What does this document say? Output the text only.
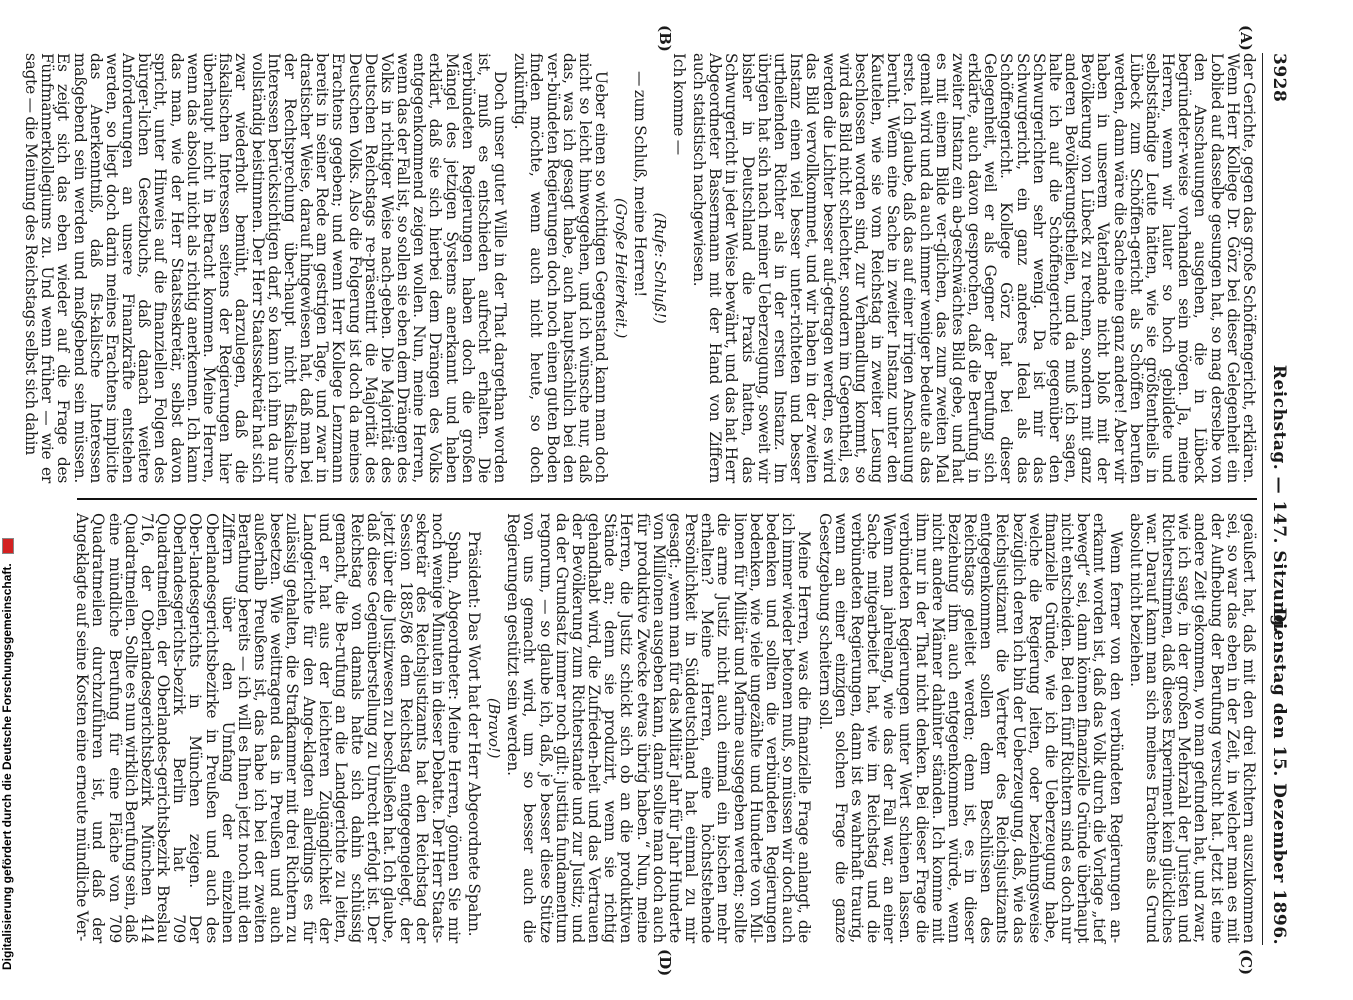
3928
Reichstag. — 147. Sitzung.
Dienstag den 15. Dezember 1896.
(A)
(B)
(C)
(D)

der Gerichte, gegen das große Schöffengericht, erklären. Wenn Herr Kollege Dr. Görz bei dieser Gelegenheit ein Loblied auf dasselbe gesungen hat, so mag derselbe von den Anschauungen ausgehen, die in Lübeck begründeter-weise vorhanden sein mögen. Ja, meine Herren, wenn wir lauter so hoch gebildete und selbstständige Leute hätten, wie sie größtentheils in Lübeck zum Schöffen-gericht als Schöffen berufen werden, dann wäre die Sache eine ganz andere! Aber wir haben in unserem Vaterlande nicht bloß mit der Bevölkerung von Lübeck zu rechnen, sondern mit ganz anderen Bevölkerungstheilen, und da muß ich sagen, halte ich auf die Schöffengerichte gegenüber den Schwurgerichten sehr wenig. Da ist mir das Schwurgericht, ein ganz anderes Ideal als das Schöffengericht. Kollege Görz hat bei dieser Gelegenheit, weil er als Gegner der Berufung sich erklärte, auch davon gesprochen, daß die Berufung in zweiter Instanz ein ab-geschwächtes Bild gebe, und hat es mit einem Bilde ver-glichen, das zum zweiten Mal gemalt wird und da auch immer weniger bedeute als das erste. Ich glaube, daß das auf einer irrigen Anschauung beruht. Wenn eine Sache in zweiter Instanz unter den Kautelen, wie sie vom Reichstag in zweiter Lesung beschlossen worden sind, zur Verhandlung kommt, so wird das Bild nicht schlechter, sondern im Gegentheil, es werden die Lichter besser auf-getragen werden, es wird das Bild vervollkommnet, und wir haben in der zweiten Instanz einen viel besser unter-richteten und besser urtheilenden Richter als in der ersten Instanz. Im übrigen hat sich nach meiner Ueberzeugung, soweit wir bisher in Deutschland die Praxis hatten, das Schwurgericht in jeder Weise bewährt, und das hat Herr Abgeordneter Bassermann mit der Hand von Ziffern auch statistisch nachgewiesen.

Ich komme —

(Rufe: Schluß!)

— zum Schluß, meine Herren!

(Große Heiterkeit.)

Ueber einen so wichtigen Gegenstand kann man doch nicht so leicht hinweggehen, und ich wünsche nur, daß das, was ich gesagt habe, auch hauptsächlich bei den ver-bündeten Regierungen doch noch einen guten Boden finden möchte, wenn auch nicht heute, so doch zukünftig.

Doch unser guter Wille in der That dargethan worden ist, muß es entschieden aufrecht erhalten. Die verbündeten Regierungen haben doch die großen Mängel des jetzigen Systems anerkannt und haben erklärt, daß sie sich hierbei dem Drängen des Volks entgegenkommend zeigen wollen. Nun, meine Herren, wenn das der Fall ist, so sollen sie eben dem Drängen des Volks in richtiger Weise nach-geben. Die Majorität des Deutschen Reichstags re-präsentirt die Majorität des Deutschen Volks. Also die Folgerung ist doch da meines Erachtens gegeben; und wenn Herr Kollege Lenzmann bereits in seiner Rede am gestrigen Tage, und zwar in drastischer Weise, darauf hingewiesen hat, daß man bei der Rechtsprechung über-haupt nicht fiskalische Interessen berücksichtigen darf, so kann ich ihm da nur vollständig beistimmen. Der Herr Staatssekretär hat sich zwar wiederholt bemüht, darzulegen, daß die fiskalischen Interessen seitens der Regierungen hier überhaupt nicht in Betracht kommen. Meine Herren, wenn das absolut nicht als richtig anerkennen. Ich kann das man, wie der Herr Staatssekretär, selbst davon spricht, unter Hinweis auf die finanziellen Folgen des bürger-lichen Gesetzbuchs, daß danach weitere Anforderungen an unsere Finanzkräfte entstehen werden, so liegt doch darin meines Erachtens implicite das Anerkenntniß, daß fis-kalische Interessen maßgebend sein werden und maßgebend sein müssen. Es zeigt sich das eben wieder auf die Frage des Fünfmännerkollegiums zu. Und wenn früher — wie er sagte — die Meinung des Reichstags selbst sich dahin

geäußert hat, daß mit den drei Richtern auszukommen sei, so war das eben in der Zeit, in welcher man es mit der Aufhebung der Berufung versucht hat. Jetzt ist eine andere Zeit gekommen, wo man gefunden hat, und zwar, wie ich sage, in der großen Mehrzahl der Juristen und Richterstimmen, daß dieses Experiment kein glückliches war. Darauf kann man sich meines Erachtens als Grund absolut nicht beziehen.

Wenn ferner von den verbündeten Regierungen an-erkannt worden ist, daß das Volk durch die Vorlage „tief bewegt“ sei, dann können finanzielle Gründe überhaupt nicht entscheiden. Bei den fünf Richtern sind es doch nur finanzielle Gründe, wie ich die Ueberzeugung habe, welche die Regierung leiten, oder beziehungsweise bezüglich deren ich bin der Ueberzeugung, daß, wie das Reichsjustizamt die Vertreter des Reichsjustizamts entgegenkommen sollen dem Beschlüssen des Reichstags geleitet werden; denn ist, es in dieser Beziehung ihm auch entgegenkommen würde, wenn nicht andere Männer dahinter ständen. Ich komme mit ihm nur in der That nicht denken. Bei dieser Frage die verbündeten Regierungen unter Wert schienen lassen. Wenn man jahrelang, wie das der Fall war, an einer Sache mitgearbeitet hat, wie im Reichstag und die verbündeten Regierungen, dann ist es wahrhaft traurig, wenn an einer einzigen solchen Frage die ganze Gesetzgebung scheitern soll.

Meine Herren, was die finanzielle Frage anlangt, die ich immer wieder betonen muß, so müssen wir doch auch bedenken und sollten die verbündeten Regierungen bedenken, wie viele ungezählte und Hunderte von Mil-lionen für Militär und Marine ausgegeben werden; sollte die arme Justiz nicht auch einmal ein bischen mehr erhalten? Meine Herren, eine höchststehende Persönlichkeit in Süddeutschland hat einmal zu mir gesagt: „wenn man für das Militär Jahr für Jahr Hunderte von Millionen ausgeben kann, dann sollte man doch auch für produktive Zwecke etwas übrig haben.“ Nun, meine Herren, die Justiz schickt sich ob an die produktiven Stände an; denn sie produzirt, wenn sie richtig gehandhabt wird, die Zufrieden-heit und das Vertrauen der Bevölkerung zum Richterstande und zur Justiz; und da der Grundsatz immer noch gilt: justitia fundamentum regnorum, — so glaube ich, daß, je besser diese Stütze von uns gemacht wird, um so besser auch die Regierungen gestützt sein werden.

(Bravo!)

Präsident: Das Wort hat der Herr Abgeordnete Spahn.

Spahn, Abgeordneter: Meine Herren, gönnen Sie mir noch wenige Minuten in dieser Debatte. Der Herr Staats-sekretär des Reichsjustizamts hat den Reichstag der Session 1885/86 dem Reichstag entgegengelegt, der jetzt über die Justizwesen zu beschließen hat. Ich glaube, daß diese Gegenüberstellung zu Unrecht erfolgt ist. Der Reichstag von damals hatte sich dahin schlüssig gemacht, die Be-rufung an die Landgerichte zu leiten, und er hat aus der leichteren Zugänglichkeit der Landgerichte für den Ange-klagten allerdings es für zulässig gehalten, die Strafkammer mit drei Richtern zu besetzen. Wie weittragend das in Preußen und auch außerhalb Preußens ist, das habe ich bei der zweiten Berathung bereits — ich will es Ihnen jetzt noch mit den Ziffern über den Umfang der einzelnen Oberlandesgerichtsbezirke in Preußen und auch des Ober-landesgerichts in München zeigen. Der Oberlandesgerichts-bezirk Berlin hat 709 Quadratmeilen, der Oberlandes-gerichtsbezirk Breslau 716, der Oberlandesgerichtsbezirk München 414 Quadratmeilen. Sollte es nun wirklich Berufung sein, daß eine mündliche Berufung für eine Fläche von 709 Quadratmeilen durchzuführen ist, und daß der Angeklagte auf seine Kosten eine erneute mündliche Ver-

Digitalisierung gefördert durch die Deutsche Forschungsgemeinschaft.
